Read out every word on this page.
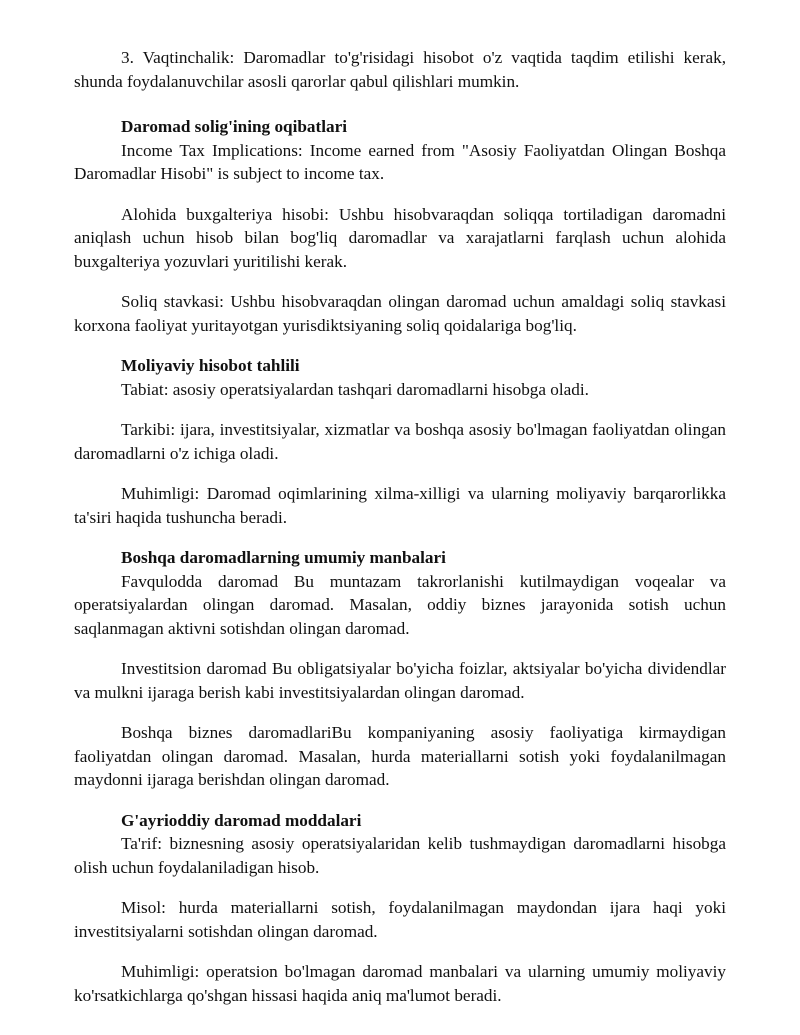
3. Vaqtinchalik: Daromadlar to'g'risidagi hisobot o'z vaqtida taqdim etilishi kerak, shunda foydalanuvchilar asosli qarorlar qabul qilishlari mumkin.

Daromad solig'ining oqibatlari

Income Tax Implications: Income earned from "Asosiy Faoliyatdan Olingan Boshqa Daromadlar Hisobi" is subject to income tax.

Alohida buxgalteriya hisobi: Ushbu hisobvaraqdan soliqqa tortiladigan daromadni aniqlash uchun hisob bilan bog'liq daromadlar va xarajatlarni farqlash uchun alohida buxgalteriya yozuvlari yuritilishi kerak.

Soliq stavkasi: Ushbu hisobvaraqdan olingan daromad uchun amaldagi soliq stavkasi korxona faoliyat yuritayotgan yurisdiktsiyaning soliq qoidalariga bog'liq.

Moliyaviy hisobot tahlili

Tabiat: asosiy operatsiyalardan tashqari daromadlarni hisobga oladi.

Tarkibi: ijara, investitsiyalar, xizmatlar va boshqa asosiy bo'lmagan faoliyatdan olingan daromadlarni o'z ichiga oladi.

Muhimligi: Daromad oqimlarining xilma-xilligi va ularning moliyaviy barqarorlikka ta'siri haqida tushuncha beradi.

Boshqa daromadlarning umumiy manbalari

Favqulodda daromad Bu muntazam takrorlanishi kutilmaydigan voqealar va operatsiyalardan olingan daromad. Masalan, oddiy biznes jarayonida sotish uchun saqlanmagan aktivni sotishdan olingan daromad.

Investitsion daromad Bu obligatsiyalar bo'yicha foizlar, aktsiyalar bo'yicha dividendlar va mulkni ijaraga berish kabi investitsiyalardan olingan daromad.

Boshqa biznes daromadlariBu kompaniyaning asosiy faoliyatiga kirmaydigan faoliyatdan olingan daromad. Masalan, hurda materiallarni sotish yoki foydalanilmagan maydonni ijaraga berishdan olingan daromad.

G'ayrioddiy daromad moddalari

Ta'rif: biznesning asosiy operatsiyalaridan kelib tushmaydigan daromadlarni hisobga olish uchun foydalaniladigan hisob.

Misol: hurda materiallarni sotish, foydalanilmagan maydondan ijara haqi yoki investitsiyalarni sotishdan olingan daromad.

Muhimligi: operatsion bo'lmagan daromad manbalari va ularning umumiy moliyaviy ko'rsatkichlarga qo'shgan hissasi haqida aniq ma'lumot beradi.
